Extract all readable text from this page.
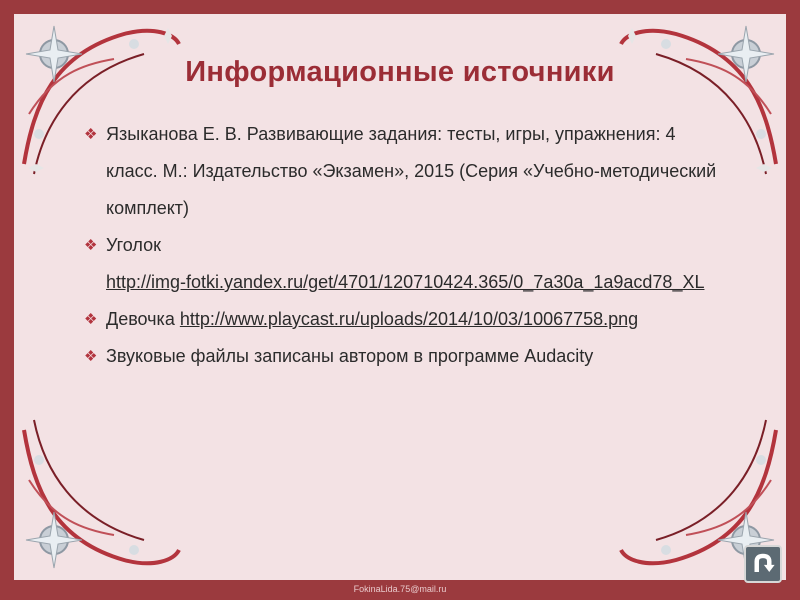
Информационные источники
❖ Языканова Е. В. Развивающие задания: тесты, игры, упражнения: 4 класс. М.: Издательство «Экзамен», 2015 (Серия «Учебно-методический комплект)
❖ Уголок
http://img-fotki.yandex.ru/get/4701/120710424.365/0_7a30a_1a9acd78_XL
❖ Девочка http://www.playcast.ru/uploads/2014/10/03/10067758.png
❖ Звуковые файлы записаны автором в программе Audacity
FokinaLida.75@mail.ru
